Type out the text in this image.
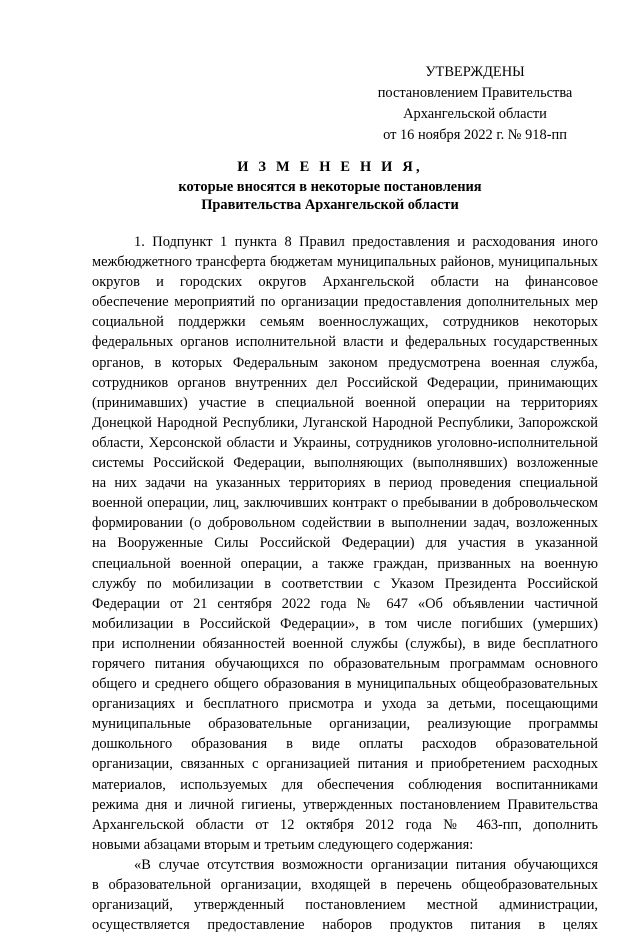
УТВЕРЖДЕНЫ
постановлением Правительства
Архангельской области
от 16 ноября 2022 г. № 918-пп
И З М Е Н Е Н И Я,
которые вносятся в некоторые постановления
Правительства Архангельской области
1. Подпункт 1 пункта 8 Правил предоставления и расходования иного
межбюджетного трансферта бюджетам муниципальных районов, муниципальных
округов и городских округов Архангельской области на финансовое
обеспечение мероприятий по организации предоставления дополнительных мер
социальной поддержки семьям военнослужащих, сотрудников некоторых
федеральных органов исполнительной власти и федеральных государственных
органов, в которых Федеральным законом предусмотрена военная служба,
сотрудников органов внутренних дел Российской Федерации, принимающих
(принимавших) участие в специальной военной операции на территориях
Донецкой Народной Республики, Луганской Народной Республики, Запорожской
области, Херсонской области и Украины, сотрудников уголовно-исполнительной
системы Российской Федерации, выполняющих (выполнявших) возложенные
на них задачи на указанных территориях в период проведения специальной
военной операции, лиц, заключивших контракт о пребывании в добровольческом
формировании (о добровольном содействии в выполнении задач, возложенных
на Вооруженные Силы Российской Федерации) для участия в указанной
специальной военной операции, а также граждан, призванных на военную
службу по мобилизации в соответствии с Указом Президента Российской
Федерации от 21 сентября 2022 года № 647 «Об объявлении частичной
мобилизации в Российской Федерации», в том числе погибших (умерших)
при исполнении обязанностей военной службы (службы), в виде бесплатного
горячего питания обучающихся по образовательным программам основного
общего и среднего общего образования в муниципальных общеобразовательных
организациях и бесплатного присмотра и ухода за детьми, посещающими
муниципальные образовательные организации, реализующие программы
дошкольного образования в виде оплаты расходов образовательной
организации, связанных с организацией питания и приобретением расходных
материалов, используемых для обеспечения соблюдения воспитанниками
режима дня и личной гигиены, утвержденных постановлением Правительства
Архангельской области от 12 октября 2012 года № 463-пп, дополнить
новыми абзацами вторым и третьим следующего содержания:
«В случае отсутствия возможности организации питания обучающихся
в образовательной организации, входящей в перечень общеобразовательных
организаций, утвержденный постановлением местной администрации,
осуществляется предоставление наборов продуктов питания в целях
